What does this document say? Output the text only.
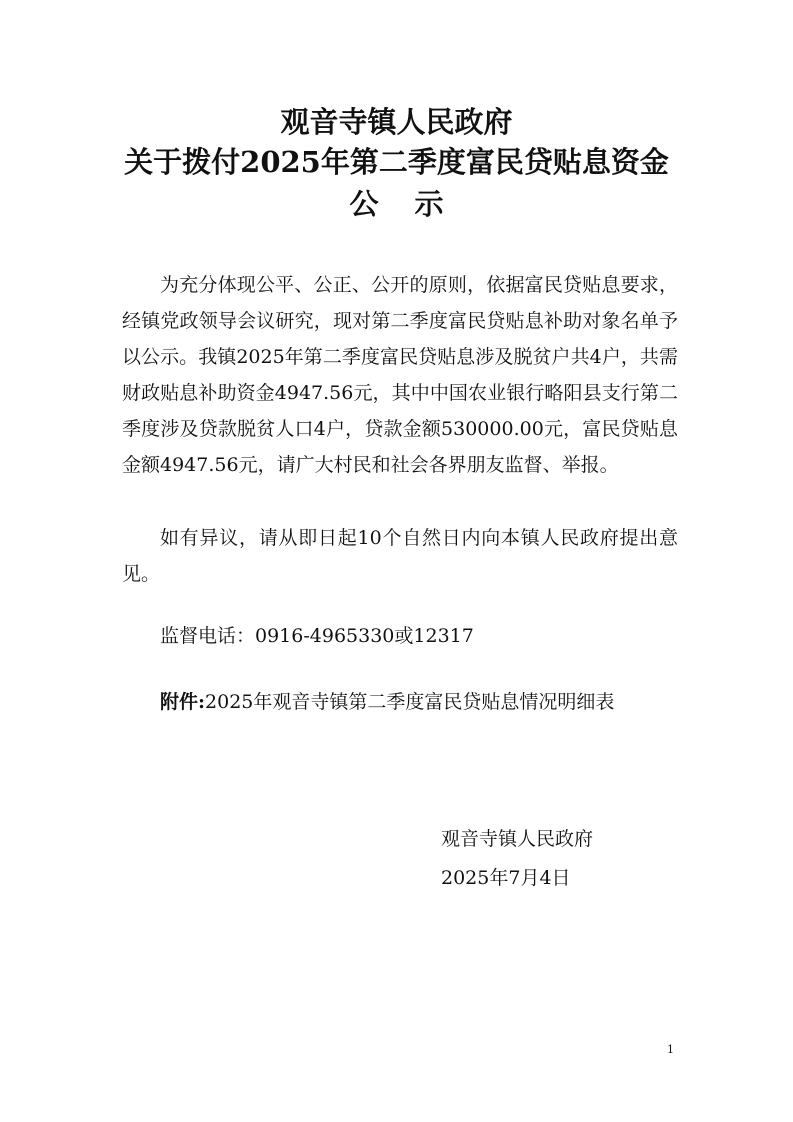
观音寺镇人民政府
关于拨付2025年第二季度富民贷贴息资金
公 示

为充分体现公平、公正、公开的原则，依据富民贷贴息要求，经镇党政领导会议研究，现对第二季度富民贷贴息补助对象名单予以公示。我镇2025年第二季度富民贷贴息涉及脱贫户共4户，共需财政贴息补助资金4947.56元，其中中国农业银行略阳县支行第二季度涉及贷款脱贫人口4户，贷款金额530000.00元，富民贷贴息金额4947.56元，请广大村民和社会各界朋友监督、举报。

如有异议，请从即日起10个自然日内向本镇人民政府提出意见。

监督电话：0916-4965330或12317

附件:2025年观音寺镇第二季度富民贷贴息情况明细表

观音寺镇人民政府

2025年7月4日

1
